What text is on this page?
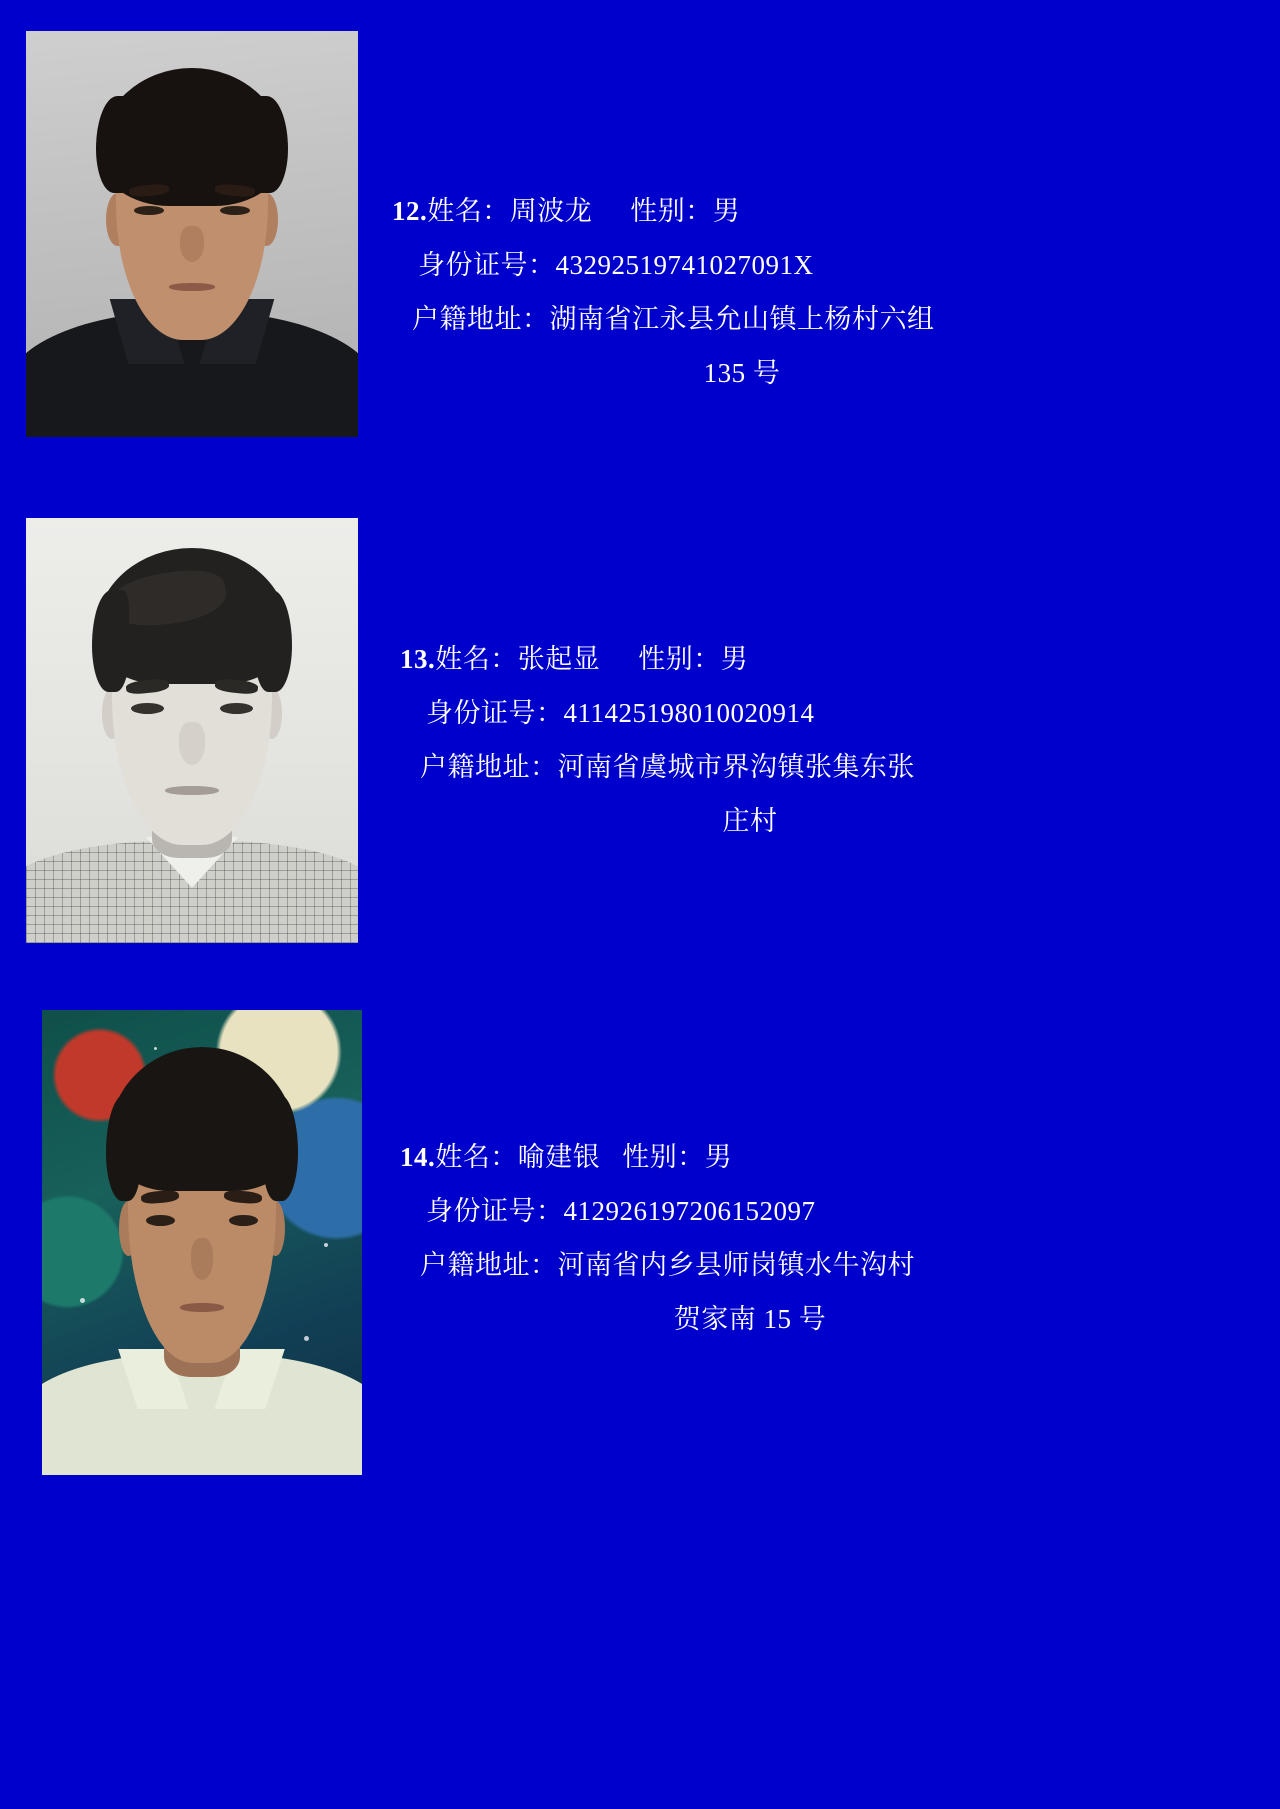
12.姓名：周波龙 性别：男
身份证号：43292519741027091X
户籍地址：湖南省江永县允山镇上杨村六组
135 号
13.姓名：张起显 性别：男
身份证号：411425198010020914
户籍地址：河南省虞城市界沟镇张集东张
庄村
14.姓名：喻建银 性别：男
身份证号：412926197206152097
户籍地址：河南省内乡县师岗镇水牛沟村
贺家南 15 号
